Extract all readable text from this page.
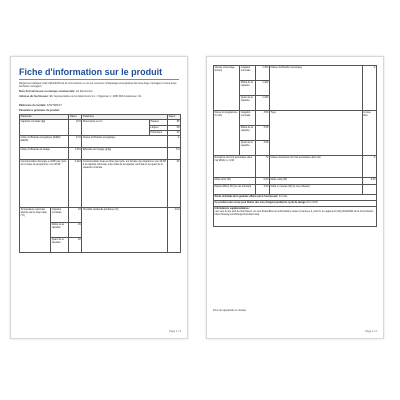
Fiche d'information sur le produit
Règlement délégué (UE) 2019/2016 de la Commission en ce qui concerne l'étiquetage énergétique des lave-linge ménagers et lave-linge séchants ménagers
Nom du fournisseur ou marque commerciale: LG Electronics
Adresse du fournisseur: EU representative at LG Electronics Inc., Krijgsman 1, 1186 DM Amstelveen, NL
Référence du modèle: F2WT08AXT
Paramètres généraux du produit:
Paramètre		Valeur	Paramètre		Valeur
Capacité nominale (kg)		10,5	Dimensions en cm	Hauteur	85
				Largeur	60
				Profondeur	62
Indice d'efficacité énergétique (IEEW) (EEIW)		41,5	Classe d'efficacité énergétique		A
Indice d'efficacité de lavage		1,031	Efficacité de rinçage (g/kg)		5,0
Consommation d'énergie en kWh par cycle, sur la base du programme 'eco 40-60'		0,444	Consommation d'eau en litres par cycle, sur la base du programme 'eco 40-60' à la capacité nominale, à la moitié de la capacité nominale et au quart de la capacité nominale		52
Température maximale atteinte par le linge traité (°C)	Capacité nominale	33	Humidité résiduelle pondérée (%)		44,9
	Moitié de la capacité	26			
	Quart de la capacité	20			
Page 1 / 2
Vitesse d'essorage (tr/min)	Capacité nominale	1 400	Classe d'efficacité d'essorage	A
	Moitié de la capacité	1 400		
	Quart de la capacité	1 400		
Durée du programme (h:min)	Capacité nominale	3:59	Type	À pose libre
	Moitié de la capacité	2:59		
	Quart de la capacité	2:59		
Émissions de bruit acoustique dans l'air dB(A) re 1 pW		72	Classe d'émission de bruit acoustique dans l'air	A
Mode arrêt (W)		0,50	Mode veille (W)	0,50
Départ différé (W) (le cas échéant)		4,00	Veille en réseau (W) (le cas échéant)	
Durée minimale de la garantie offerte par le fournisseur: 24 mois				
Ce produit a été conçu pour libérer des ions d'argent pendant le cycle de lavage OUI / NON				
Informations supplémentaires:
Lien vers le site web du fournisseur, où sont disponibles les informations visées à l'annexe II, point 9, du règlement (UE) 2019/2023 de la Commission: https://www.lg.com/fr/support/product-help				
Pour les appareils en réseau
Page 2 / 2
